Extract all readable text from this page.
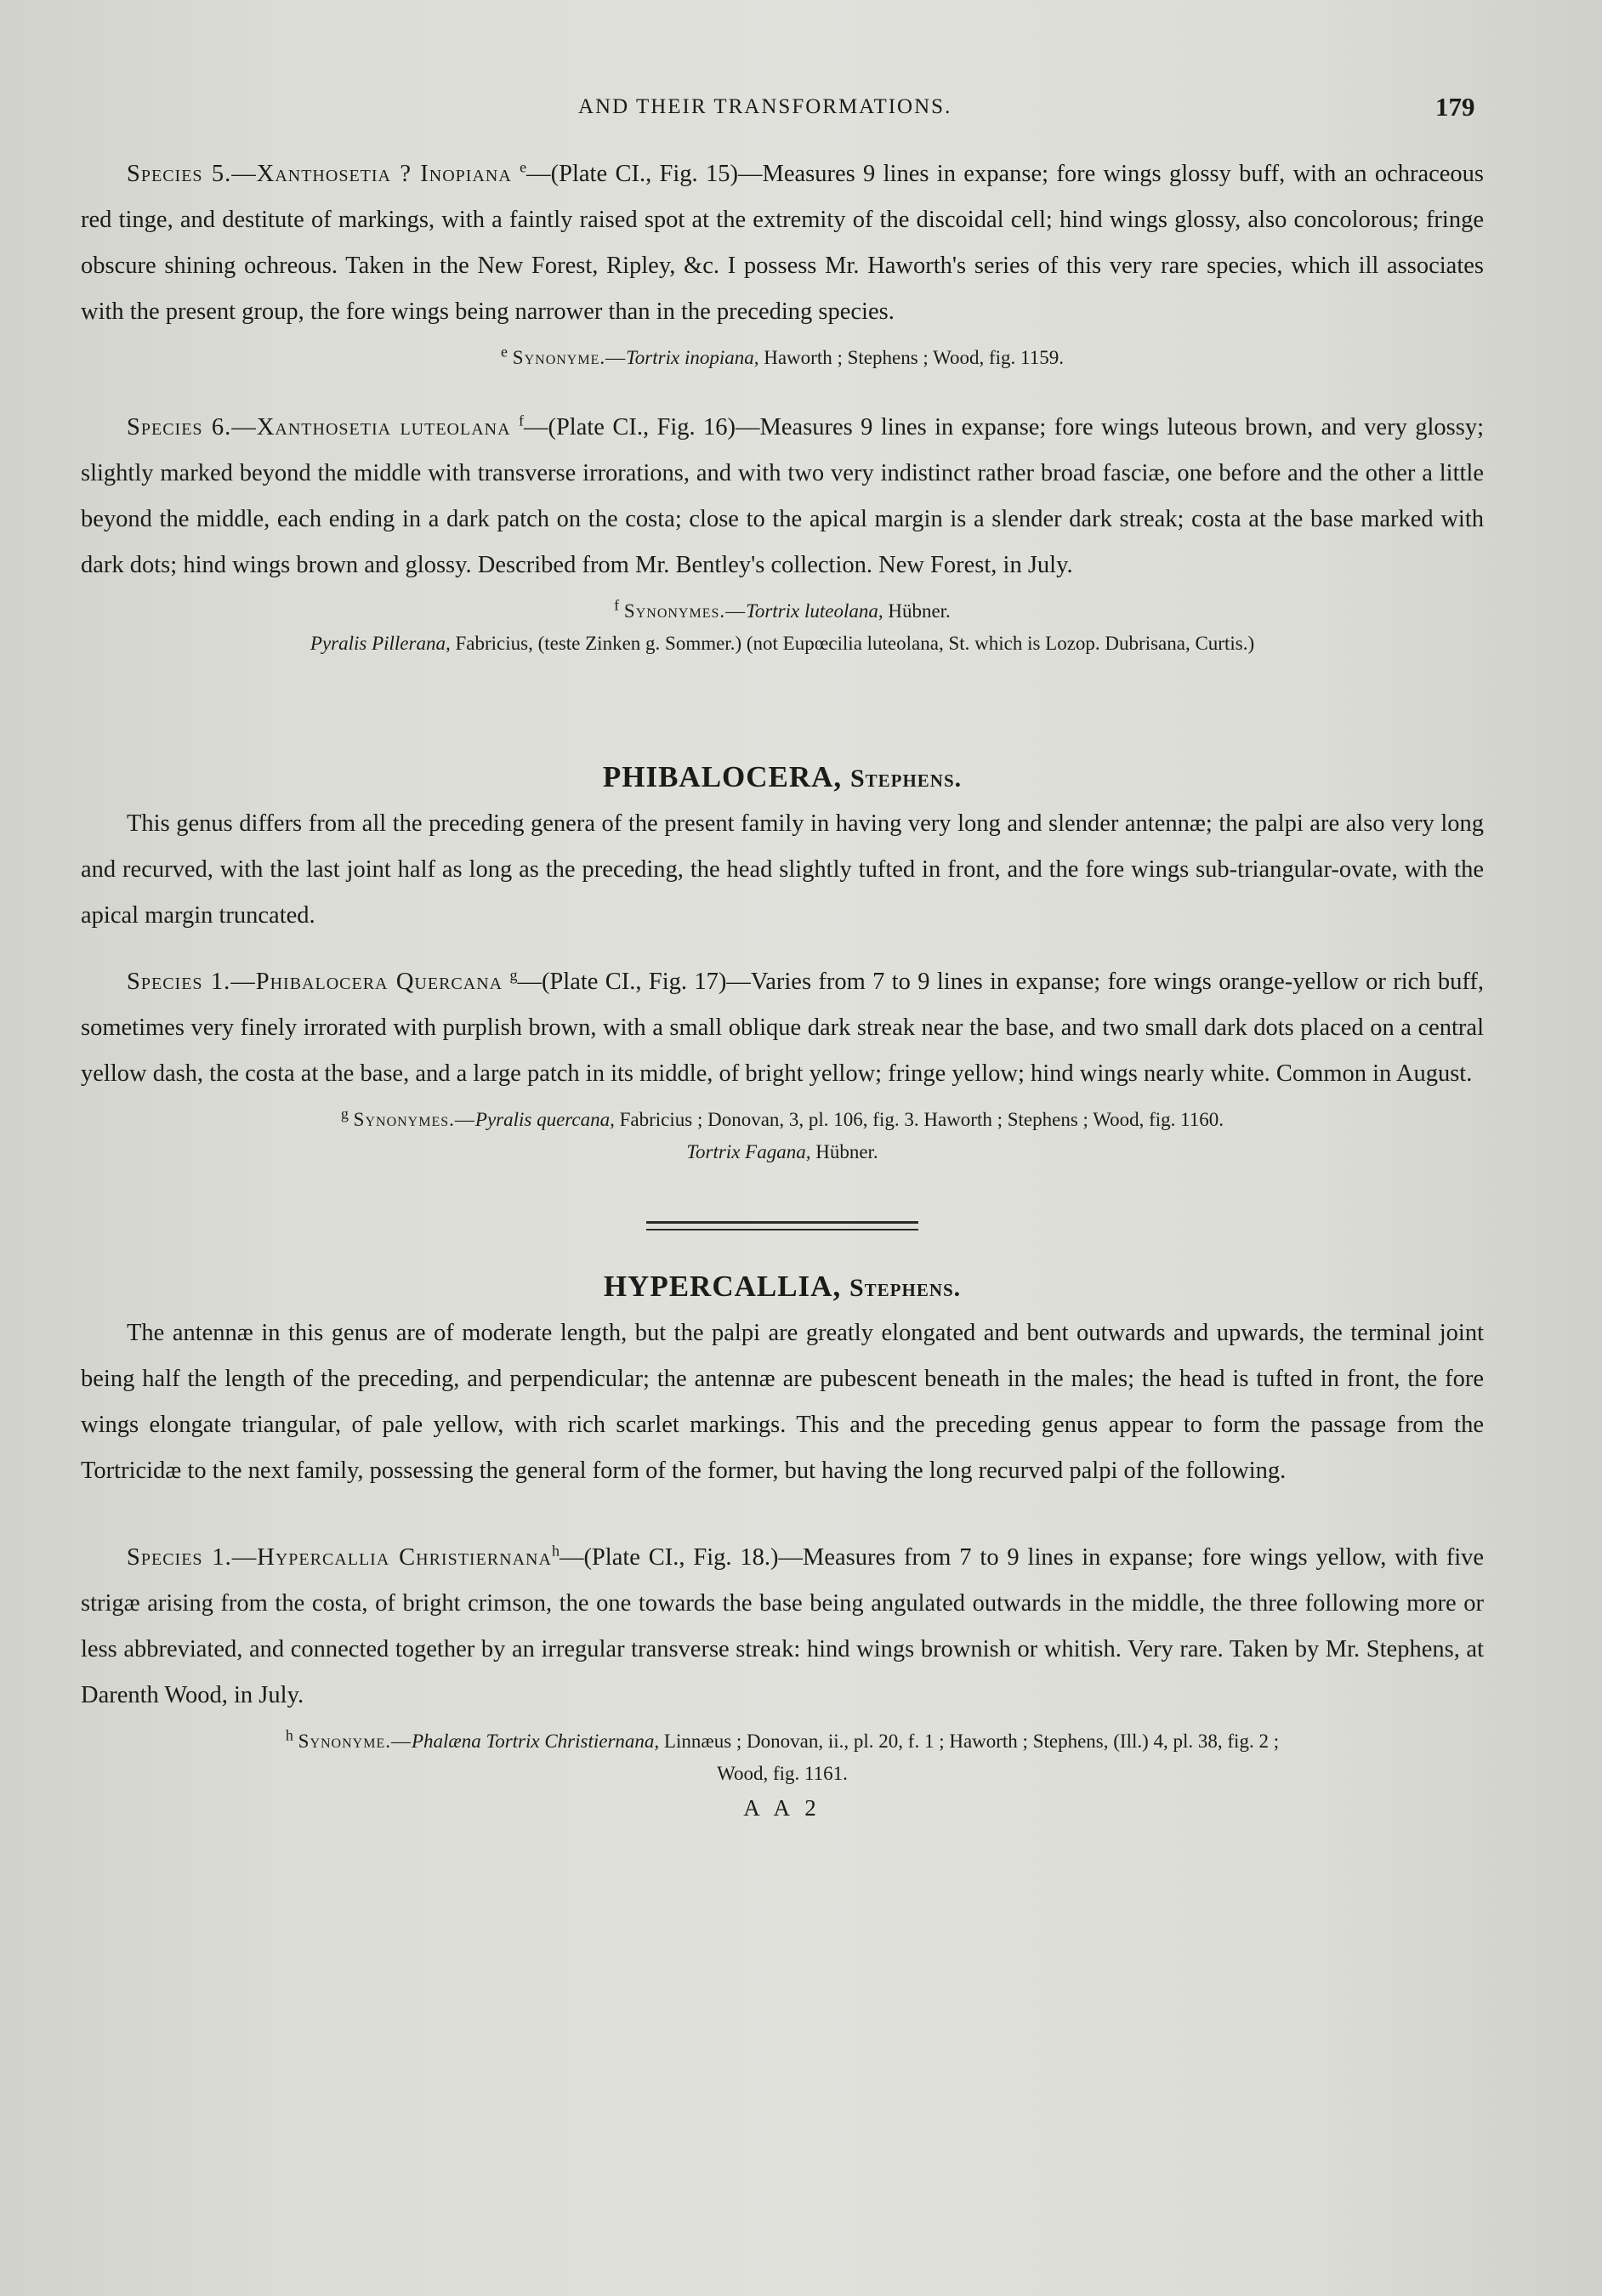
AND THEIR TRANSFORMATIONS.	179

Species 5.—Xanthosetia ? Inopiana $^e$—(Plate CI., Fig. 15)—Measures 9 lines in expanse; fore wings glossy buff, with an ochraceous red tinge, and destitute of markings, with a faintly raised spot at the extremity of the discoidal cell; hind wings glossy, also concolorous; fringe obscure shining ochreous. Taken in the New Forest, Ripley, &c. I possess Mr. Haworth's series of this very rare species, which ill associates with the present group, the fore wings being narrower than in the preceding species.

$^e$ Synonyme.—Tortrix inopiana, Haworth ; Stephens ; Wood, fig. 1159.

Species 6.—Xanthosetia luteolana $^f$—(Plate CI., Fig. 16)—Measures 9 lines in expanse; fore wings luteous brown, and very glossy; slightly marked beyond the middle with transverse irrorations, and with two very indistinct rather broad fasciæ, one before and the other a little beyond the middle, each ending in a dark patch on the costa; close to the apical margin is a slender dark streak; costa at the base marked with dark dots; hind wings brown and glossy. Described from Mr. Bentley's collection. New Forest, in July.

$^f$ Synonymes.—Tortrix luteolana, Hübner.
Pyralis Pillerana, Fabricius, (teste Zinken g. Sommer.) (not Eupœcilia luteolana, St. which is Lozop. Dubrisana, Curtis.)
PHIBALOCERA, Stephens.

This genus differs from all the preceding genera of the present family in having very long and slender antennæ; the palpi are also very long and recurved, with the last joint half as long as the preceding, the head slightly tufted in front, and the fore wings sub-triangular-ovate, with the apical margin truncated.

Species 1.—Phibalocera Quercana $^g$—(Plate CI., Fig. 17)—Varies from 7 to 9 lines in expanse; fore wings orange-yellow or rich buff, sometimes very finely irrorated with purplish brown, with a small oblique dark streak near the base, and two small dark dots placed on a central yellow dash, the costa at the base, and a large patch in its middle, of bright yellow; fringe yellow; hind wings nearly white. Common in August.

$^g$ Synonymes.—Pyralis quercana, Fabricius ; Donovan, 3, pl. 106, fig. 3. Haworth ; Stephens ; Wood, fig. 1160.
Tortrix Fagana, Hübner.
HYPERCALLIA, Stephens.

The antennæ in this genus are of moderate length, but the palpi are greatly elongated and bent outwards and upwards, the terminal joint being half the length of the preceding, and perpendicular; the antennæ are pubescent beneath in the males; the head is tufted in front, the fore wings elongate triangular, of pale yellow, with rich scarlet markings. This and the preceding genus appear to form the passage from the Tortricidæ to the next family, possessing the general form of the former, but having the long recurved palpi of the following.

Species 1.—Hypercallia Christiernana$^h$—(Plate CI., Fig. 18.)—Measures from 7 to 9 lines in expanse; fore wings yellow, with five strigæ arising from the costa, of bright crimson, the one towards the base being angulated outwards in the middle, the three following more or less abbreviated, and connected together by an irregular transverse streak: hind wings brownish or whitish. Very rare. Taken by Mr. Stephens, at Darenth Wood, in July.

$^h$ Synonyme.—Phalæna Tortrix Christiernana, Linnæus ; Donovan, ii., pl. 20, f. 1 ; Haworth ; Stephens, (Ill.) 4, pl. 38, fig. 2 ;
Wood, fig. 1161.
A A 2
